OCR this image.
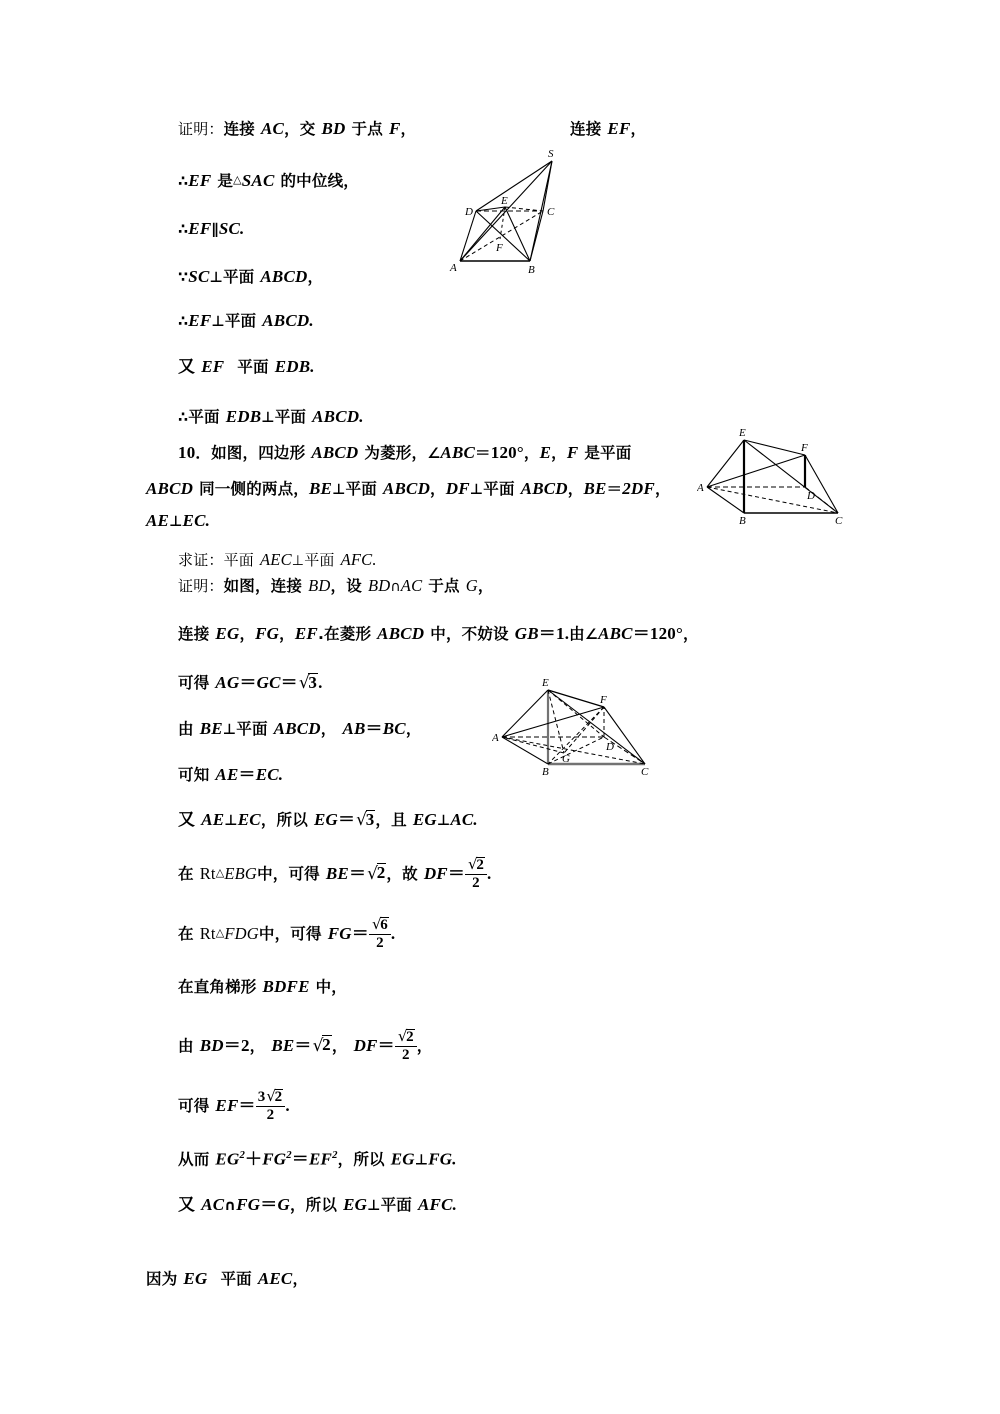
证明：连接 AC，交 BD 于点 F，	连接 EF，
∴EF 是△SAC 的中位线，
∴EF∥SC.
∵SC⊥平面 ABCD，
∴EF⊥平面 ABCD.
又 EF 平面 EDB.
∴平面 EDB⊥平面 ABCD.
S
E
D	C
F
A	B
10．如图，四边形 ABCD 为菱形，∠ABC＝120°，E，F 是平面
ABCD 同一侧的两点，BE⊥平面 ABCD，DF⊥平面 ABCD，BE＝2DF，
AE⊥EC.
求证：平面 AEC⊥平面 AFC.
E
F
A
D
B	C
证明：如图，连接 BD，设 BD∩AC 于点 G，
连接 EG，FG，EF.在菱形 ABCD 中，不妨设 GB＝1.由∠ABC＝120°，
可得 AG＝GC＝√3.
由 BE⊥平面 ABCD， AB＝BC，
可知 AE＝EC.
又 AE⊥EC，所以 EG＝√3，且 EG⊥AC.
E
F
A
D
G
B	C
在 Rt△EBG中，可得 BE＝√2，故 $DF= \frac{√2}{2}$ .
在 Rt△FDG中，可得 $FG= \frac{√6}{2}$ .
在直角梯形 BDFE 中，
由 BD＝2， BE＝√2， $DF= \frac{√2}{2}$ ，
可得 $EF= \frac{3√2}{2}$ .
从而 $EG^2+FG^2=EF^2$，所以 EG⊥FG.
又 AC∩FG＝G，所以 EG⊥平面 AFC.
因为 EG 平面 AEC，
